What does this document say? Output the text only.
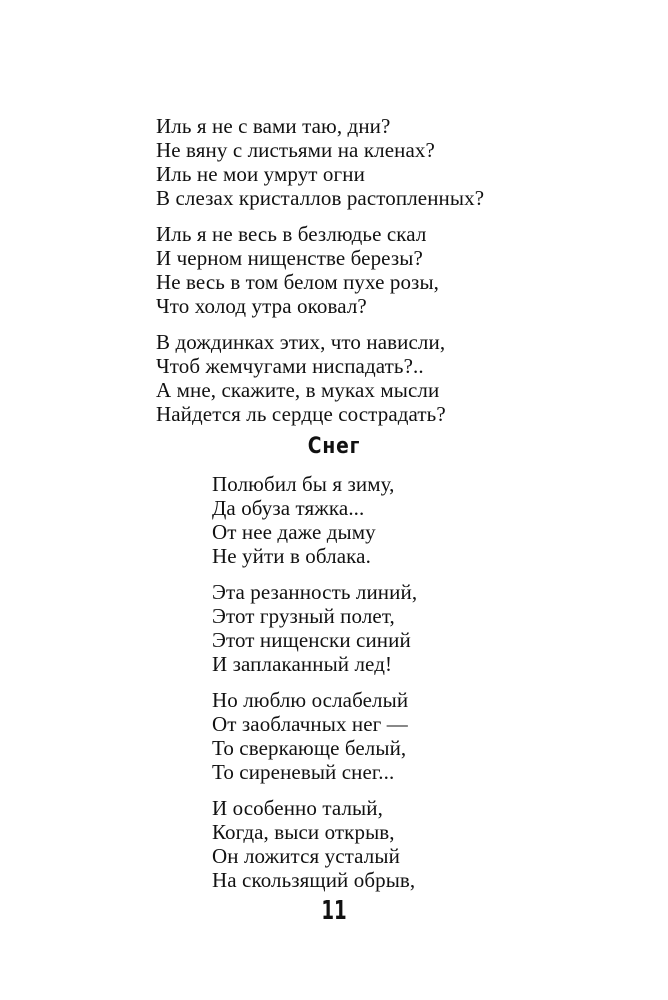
Иль я не с вами таю, дни?
Не вяну с листьями на кленах?
Иль не мои умрут огни
В слезах кристаллов растопленных?
Иль я не весь в безлюдье скал
И черном нищенстве березы?
Не весь в том белом пухе розы,
Что холод утра оковал?
В дождинках этих, что нависли,
Чтоб жемчугами ниспадать?..
А мне, скажите, в муках мысли
Найдется ль сердце сострадать?
Снег
Полюбил бы я зиму,
Да обуза тяжка...
От нее даже дыму
Не уйти в облака.
Эта резанность линий,
Этот грузный полет,
Этот нищенски синий
И заплаканный лед!
Но люблю ослабелый
От заоблачных нег —
То сверкающе белый,
То сиреневый снег...
И особенно талый,
Когда, выси открыв,
Он ложится усталый
На скользящий обрыв,
11
